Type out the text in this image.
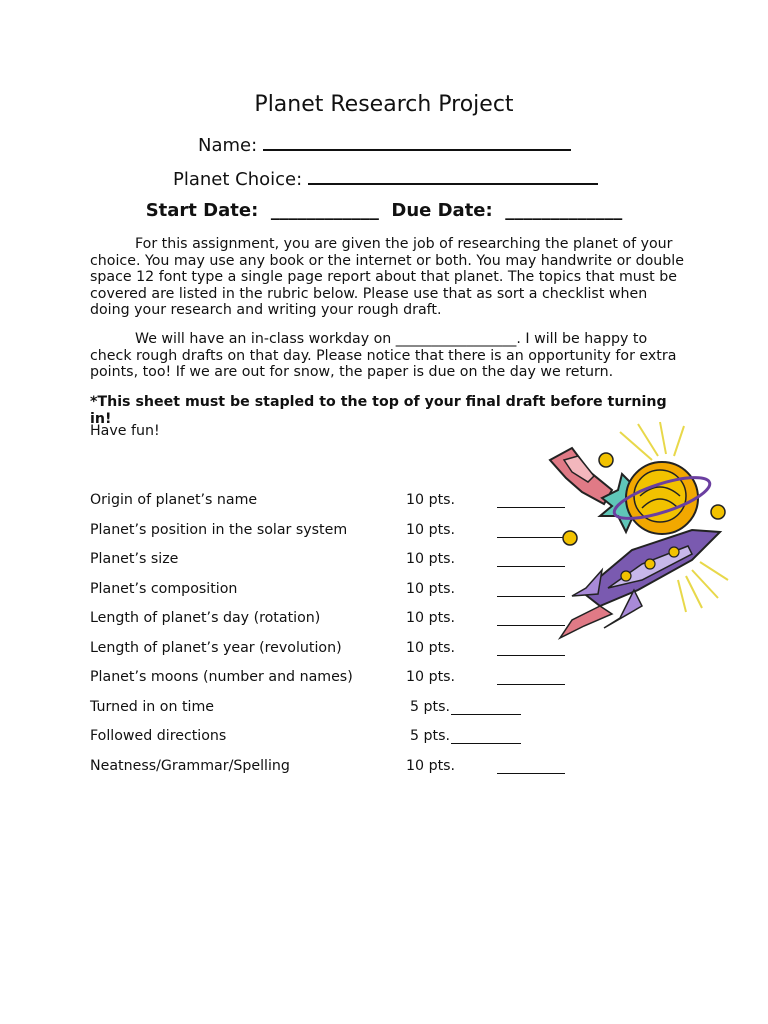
Planet Research Project
Name:
Planet Choice:
Start Date: ____________ Due Date: _____________
For this assignment, you are given the job of researching the planet of your choice. You may use any book or the internet or both. You may handwrite or double space 12 font type a single page report about that planet. The topics that must be covered are listed in the rubric below. Please use that as sort a checklist when doing your research and writing your rough draft.
We will have an in-class workday on _________________. I will be happy to check rough drafts on that day. Please notice that there is an opportunity for extra points, too! If we are out for snow, the paper is due on the day we return.
*This sheet must be stapled to the top of your final draft before turning in!
Have fun!
Origin of planet’s name	10 pts.
Planet’s position in the solar system	10 pts.
Planet’s size	10 pts.
Planet’s composition	10 pts.
Length of planet’s day (rotation)	10 pts.
Length of planet’s year (revolution)	10 pts.
Planet’s moons (number and names)	10 pts.
Turned in on time	5 pts.
Followed directions	5 pts.
Neatness/Grammar/Spelling	10 pts.
